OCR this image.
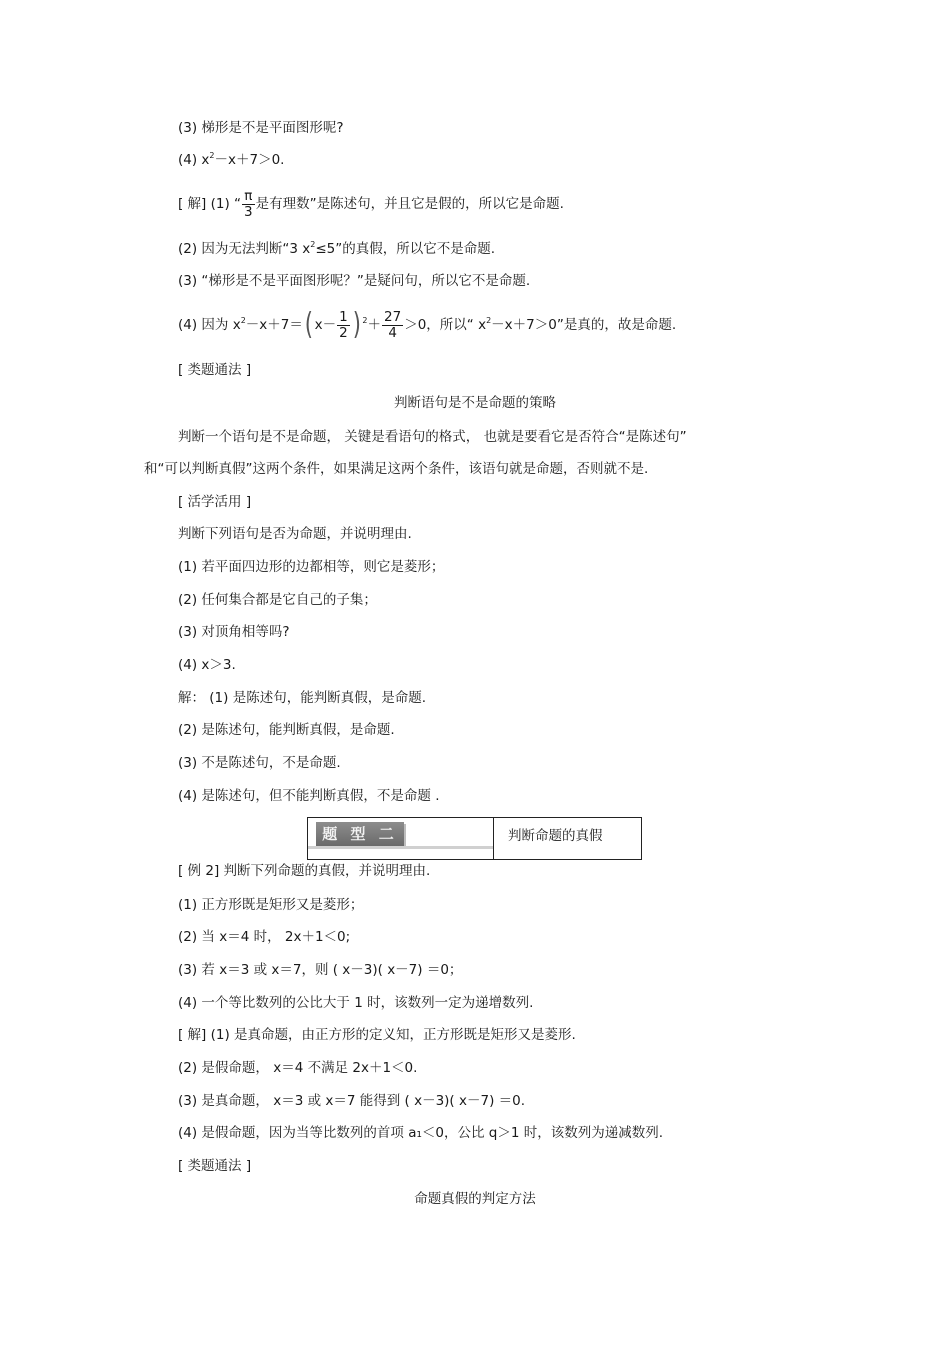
(3) 梯形是不是平面图形呢?
(4) $x^2-x+7>0$.
[ 解] (1) “ $\frac{\pi}{3}$ 是有理数”是陈述句，并且它是假的，所以它是命题.
(2) 因为无法判断“3 $x^2\le 5$”的真假，所以它不是命题.
(3) “梯形是不是平面图形呢？”是疑问句，所以它不是命题.
(4) 因为 $x^2-x+7=$( $x- \frac{1}{2}$ ) $^2+ \frac{27}{4} >0$，所以“ $x^2-x+7>0$”是真的，故是命题.
[ 类题通法 ]
判断语句是不是命题的策略
判断一个语句是不是命题， 关键是看语句的格式， 也就是要看它是否符合“是陈述句”
和“可以判断真假”这两个条件，如果满足这两个条件，该语句就是命题，否则就不是.
[ 活学活用 ]
判断下列语句是否为命题，并说明理由.
(1) 若平面四边形的边都相等，则它是菱形；
(2) 任何集合都是它自己的子集；
(3) 对顶角相等吗?
(4) x＞3.
解： (1) 是陈述句，能判断真假，是命题.
(2) 是陈述句，能判断真假，是命题.
(3) 不是陈述句，不是命题.
(4) 是陈述句，但不能判断真假，不是命题 .
题 型 二	判断命题的真假
[ 例 2] 判断下列命题的真假，并说明理由.
(1) 正方形既是矩形又是菱形；
(2) 当 x＝4 时， 2x＋1＜0;
(3) 若 x＝3 或 x＝7，则 ( x－3)( x－7) ＝0；
(4) 一个等比数列的公比大于 1 时，该数列一定为递增数列.
[ 解] (1) 是真命题，由正方形的定义知，正方形既是矩形又是菱形.
(2) 是假命题， x＝4 不满足 2x＋1＜0.
(3) 是真命题， x＝3 或 x＝7 能得到 ( x－3)( x－7) ＝0.
(4) 是假命题，因为当等比数列的首项 a₁＜0，公比 q＞1 时，该数列为递减数列.
[ 类题通法 ]
命题真假的判定方法
